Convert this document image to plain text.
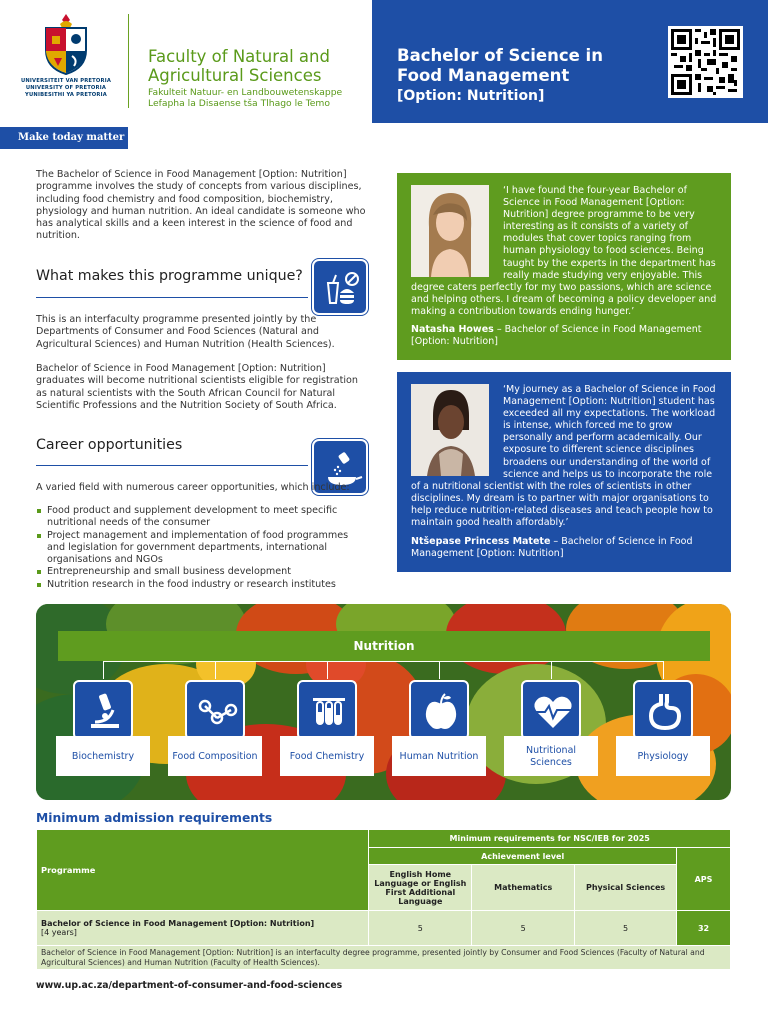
UNIVERSITEIT VAN PRETORIA
UNIVERSITY OF PRETORIA
YUNIBESITHI YA PRETORIA
Faculty of Natural and Agricultural Sciences
Fakulteit Natuur- en Landbouwetenskappe
Lefapha la Disaense tša Tlhago le Temo
Bachelor of Science in Food Management
[Option: Nutrition]
Make today matter
The Bachelor of Science in Food Management [Option: Nutrition] programme involves the study of concepts from various disciplines, including food chemistry and food composition, biochemistry, physiology and human nutrition. An ideal candidate is someone who has analytical skills and a keen interest in the science of food and nutrition.
What makes this programme unique?
This is an interfaculty programme presented jointly by the Departments of Consumer and Food Sciences (Natural and Agricultural Sciences) and Human Nutrition (Health Sciences).
Bachelor of Science in Food Management [Option: Nutrition] graduates will become nutritional scientists eligible for registration as natural scientists with the South African Council for Natural Scientific Professions and the Nutrition Society of South Africa.
Career opportunities
A varied field with numerous career opportunities, which include:
Food product and supplement development to meet specific nutritional needs of the consumer
Project management and implementation of food programmes and legislation for government departments, international organisations and NGOs
Entrepreneurship and small business development
Nutrition research in the food industry or research institutes
‘I have found the four-year Bachelor of Science in Food Management [Option: Nutrition] degree programme to be very interesting as it consists of a variety of modules that cover topics ranging from human physiology to food sciences. Being taught by the experts in the department has really made studying very enjoyable. This degree caters perfectly for my two passions, which are science and helping others. I dream of becoming a policy developer and making a contribution towards ending hunger.’
Natasha Howes – Bachelor of Science in Food Management [Option: Nutrition]
‘My journey as a Bachelor of Science in Food Management [Option: Nutrition] student has exceeded all my expectations. The workload is intense, which forced me to grow personally and perform academically. Our exposure to different science disciplines broadens our understanding of the world of science and helps us to incorporate the role of a nutritional scientist with the roles of scientists in other disciplines. My dream is to partner with major organisations to help reduce nutrition-related diseases and teach people how to maintain good health affordably.’
Ntšepase Princess Matete – Bachelor of Science in Food Management [Option: Nutrition]
Nutrition
Biochemistry	Food Composition	Food Chemistry	Human Nutrition
Nutritional Sciences
Physiology
Minimum admission requirements
Programme	Minimum requirements for NSC/IEB for 2025			
	Achievement level			APS
	English Home Language or English First Additional Language	Mathematics	Physical Sciences	
Bachelor of Science in Food Management [Option: Nutrition]
[4 years]	5	5	5	32
Bachelor of Science in Food Management [Option: Nutrition] is an interfaculty degree programme, presented jointly by Consumer and Food Sciences (Faculty of Natural and Agricultural Sciences) and Human Nutrition (Faculty of Health Sciences).				
www.up.ac.za/department-of-consumer-and-food-sciences
